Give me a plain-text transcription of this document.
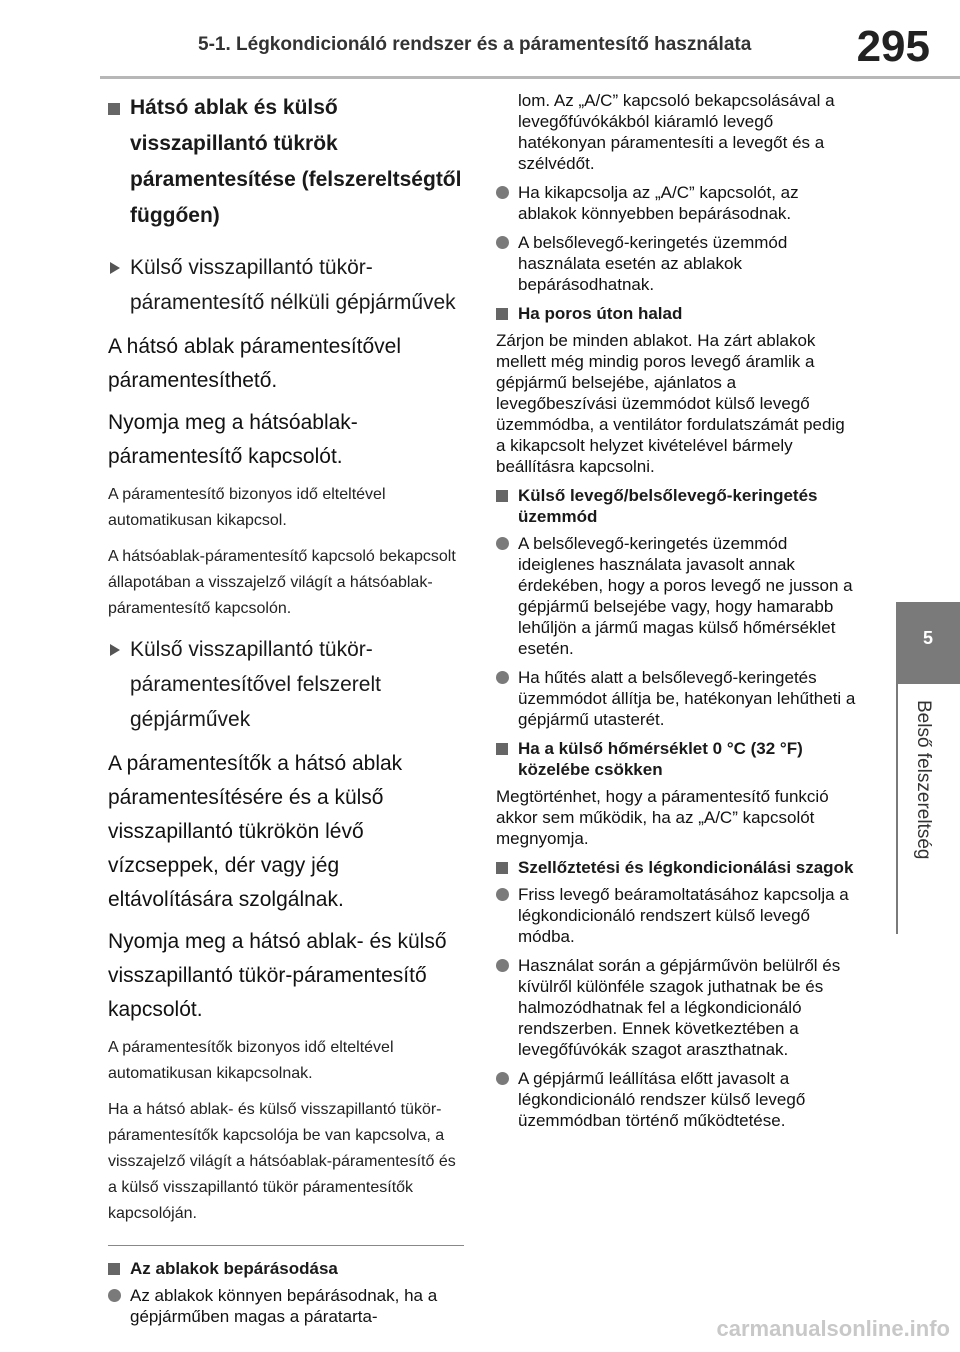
5-1. Légkondicionáló rendszer és a páramentesítő használata	295
5
Belső felszereltség
Hátsó ablak és külső visszapillantó tükrök páramentesítése (felszereltségtől függően)
Külső visszapillantó tükör-páramentesítő nélküli gépjárművek
A hátsó ablak páramentesítővel páramentesíthető.
Nyomja meg a hátsóablak-páramentesítő kapcsolót.
A páramentesítő bizonyos idő elteltével automatikusan kikapcsol.
A hátsóablak-páramentesítő kapcsoló bekapcsolt állapotában a visszajelző világít a hátsóablak-páramentesítő kapcsolón.
Külső visszapillantó tükör-páramentesítővel felszerelt gépjárművek
A páramentesítők a hátsó ablak páramentesítésére és a külső visszapillantó tükrökön lévő vízcseppek, dér vagy jég eltávolítására szolgálnak.
Nyomja meg a hátsó ablak- és külső visszapillantó tükör-páramentesítő kapcsolót.
A páramentesítők bizonyos idő elteltével automatikusan kikapcsolnak.
Ha a hátsó ablak- és külső visszapillantó tükör-páramentesítők kapcsolója be van kapcsolva, a visszajelző világít a hátsóablak-páramentesítő és a külső visszapillantó tükör páramentesítők kapcsolóján.
Az ablakok bepárásodása
Az ablakok könnyen bepárásodnak, ha a gépjárműben magas a páratarta-
lom. Az „A/C” kapcsoló bekapcsolásával a levegőfúvókákból kiáramló levegő hatékonyan páramentesíti a levegőt és a szélvédőt.
Ha kikapcsolja az „A/C” kapcsolót, az ablakok könnyebben bepárásodnak.
A belsőlevegő-keringetés üzemmód használata esetén az ablakok bepárásodhatnak.
Ha poros úton halad
Zárjon be minden ablakot. Ha zárt ablakok mellett még mindig poros levegő áramlik a gépjármű belsejébe, ajánlatos a levegőbeszívási üzemmódot külső levegő üzemmódba, a ventilátor fordulatszámát pedig a kikapcsolt helyzet kivételével bármely beállításra kapcsolni.
Külső levegő/belsőlevegő-keringetés üzemmód
A belsőlevegő-keringetés üzemmód ideiglenes használata javasolt annak érdekében, hogy a poros levegő ne jusson a gépjármű belsejébe vagy, hogy hamarabb lehűljön a jármű magas külső hőmérséklet esetén.
Ha hűtés alatt a belsőlevegő-keringetés üzemmódot állítja be, hatékonyan lehűtheti a gépjármű utasterét.
Ha a külső hőmérséklet 0 °C (32 °F) közelébe csökken
Megtörténhet, hogy a páramentesítő funkció akkor sem működik, ha az „A/C” kapcsolót megnyomja.
Szellőztetési és légkondicionálási szagok
Friss levegő beáramoltatásához kapcsolja a légkondicionáló rendszert külső levegő módba.
Használat során a gépjárművön belülről és kívülről különféle szagok juthatnak be és halmozódhatnak fel a légkondicionáló rendszerben. Ennek következtében a levegőfúvókák szagot araszthatnak.
A gépjármű leállítása előtt javasolt a légkondicionáló rendszer külső levegő üzemmódban történő működtetése.
carmanualsonline.info
